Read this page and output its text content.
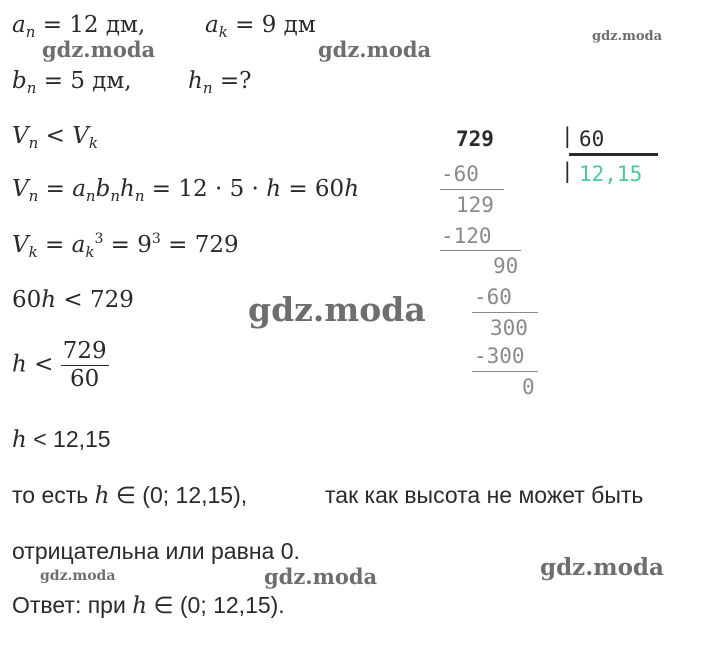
$a_n = 12$ дм,	$a_k = 9$ дм
$b_n = 5$ дм, $h_n$ =?
$V_n < V_k$
$V_n = a_nb_nh_n = 12 \cdot 5 \cdot h = 60h$
$V_k = a_k^3 = 9^3 = 729$
60h < 729
$h < \frac{729}{60}$
h < 12,15
то есть h ∈ (0; 12,15),	так как высота не может быть
отрицательна или равна 0.
Ответ: при h ∈ (0; 12,15).
729	| 60
| 12,15
-60
129
-120
90
-60
300
-300
0
gdz.moda	gdz.moda
gdz.moda
gdz.moda
gdz.moda	gdz.moda	gdz.moda
